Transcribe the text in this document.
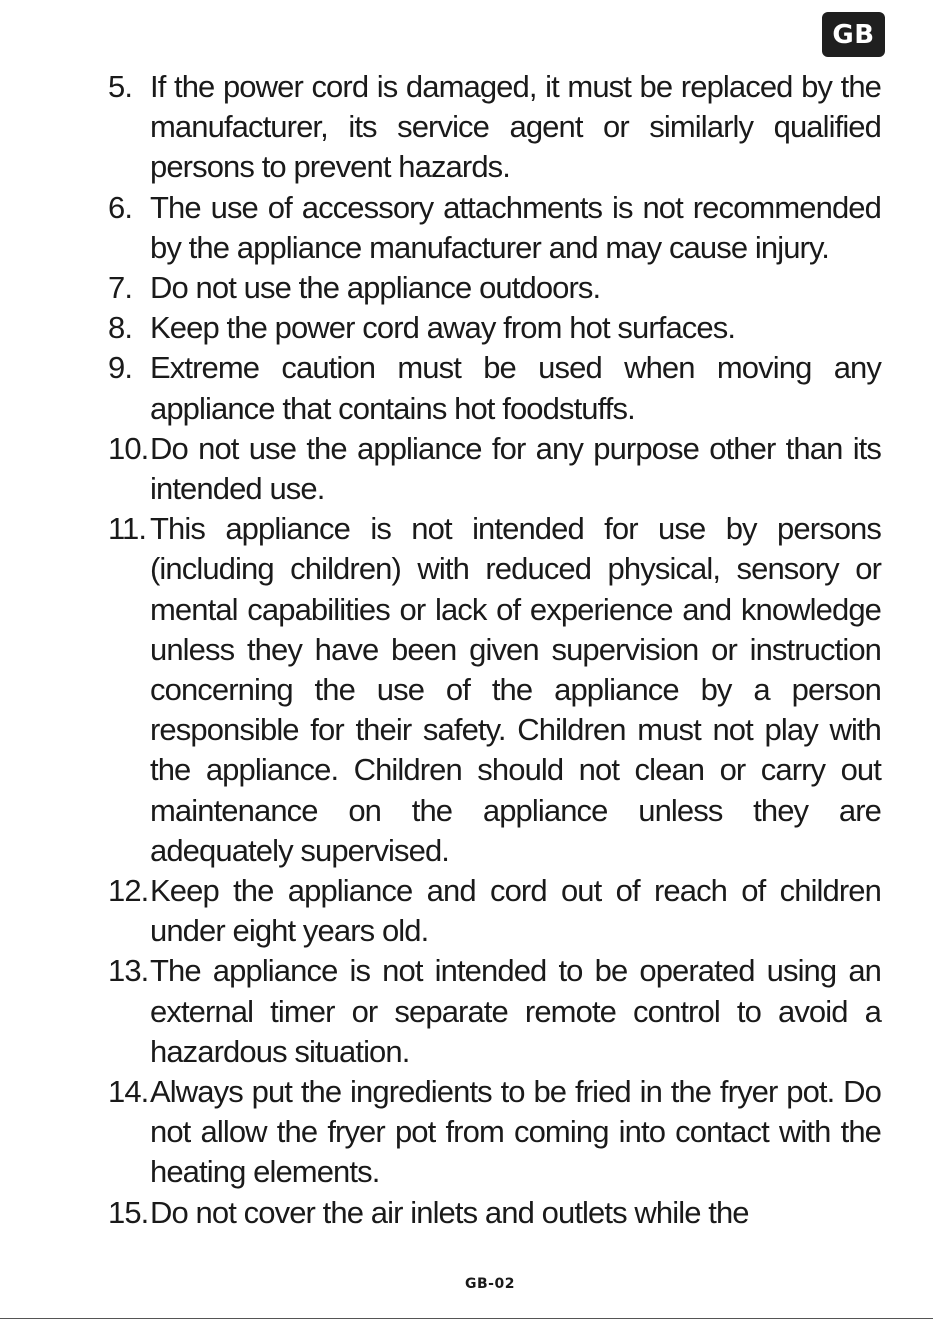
GB
5. If the power cord is damaged, it must be replaced by the manufacturer, its service agent or similarly qualified persons to prevent hazards.
6. The use of accessory attachments is not recommended by the appliance manufacturer and may cause injury.
7. Do not use the appliance outdoors.
8. Keep the power cord away from hot surfaces.
9. Extreme caution must be used when moving any appliance that contains hot foodstuffs.
10. Do not use the appliance for any purpose other than its intended use.
11. This appliance is not intended for use by persons (including children) with reduced physical, sensory or mental capabilities or lack of experience and knowledge unless they have been given supervision or instruction concerning the use of the appliance by a person responsible for their safety. Children must not play with the appliance. Children should not clean or carry out maintenance on the appliance unless they are adequately supervised.
12. Keep the appliance and cord out of reach of children under eight years old.
13. The appliance is not intended to be operated using an external timer or separate remote control to avoid a hazardous situation.
14. Always put the ingredients to be fried in the fryer pot. Do not allow the fryer pot from coming into contact with the heating elements.
15. Do not cover the air inlets and outlets while the
GB-02
